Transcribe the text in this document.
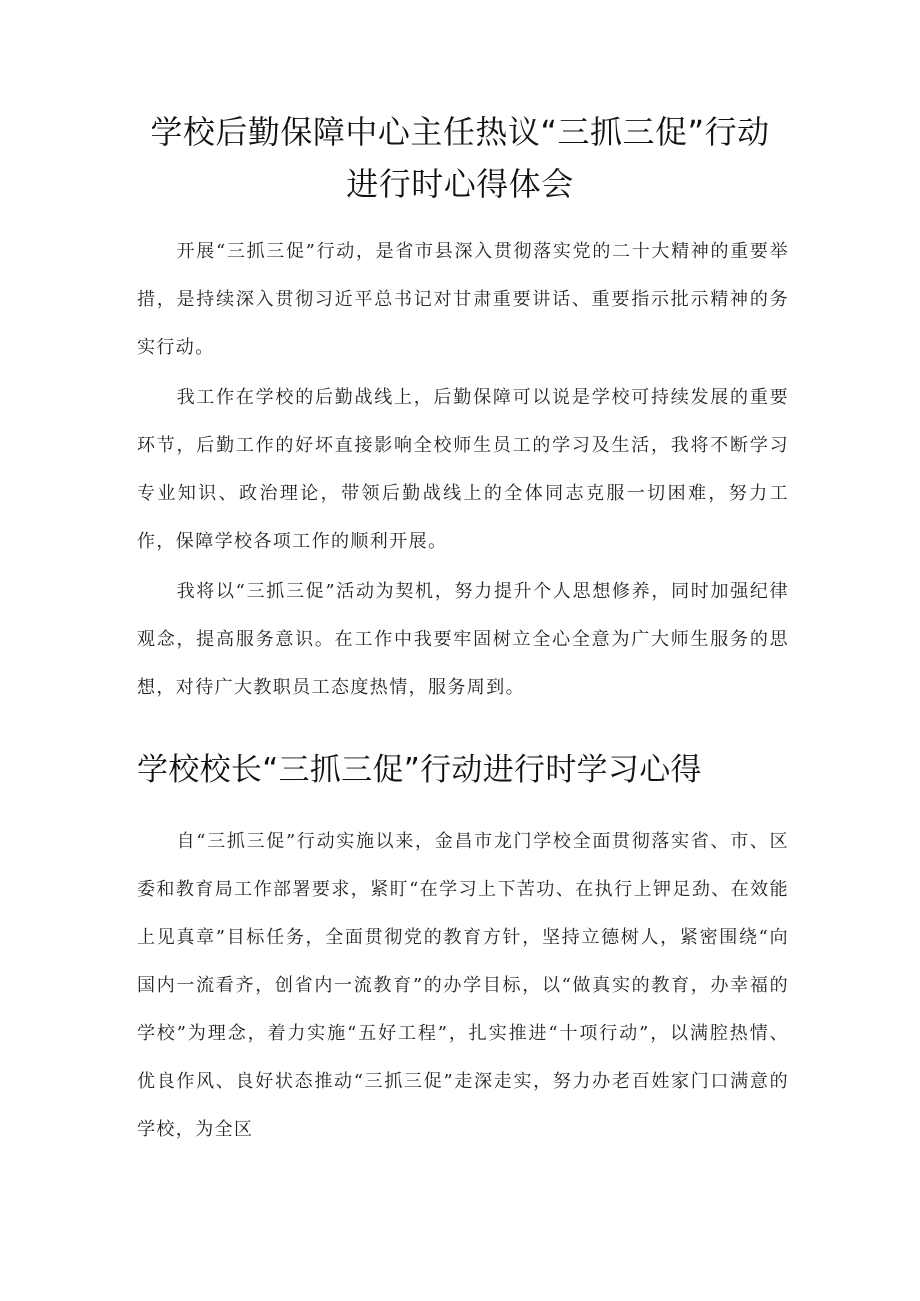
学校后勤保障中心主任热议“三抓三促”行动
进行时心得体会

开展“三抓三促”行动，是省市县深入贯彻落实党的二十大精神的重要举措，是持续深入贯彻习近平总书记对甘肃重要讲话、重要指示批示精神的务实行动。

我工作在学校的后勤战线上，后勤保障可以说是学校可持续发展的重要环节，后勤工作的好坏直接影响全校师生员工的学习及生活，我将不断学习专业知识、政治理论，带领后勤战线上的全体同志克服一切困难，努力工作，保障学校各项工作的顺利开展。

我将以“三抓三促”活动为契机，努力提升个人思想修养，同时加强纪律观念，提高服务意识。在工作中我要牢固树立全心全意为广大师生服务的思想，对待广大教职员工态度热情，服务周到。

学校校长“三抓三促”行动进行时学习心得

自“三抓三促”行动实施以来，金昌市龙门学校全面贯彻落实省、市、区委和教育局工作部署要求，紧盯“在学习上下苦功、在执行上钾足劲、在效能上见真章”目标任务，全面贯彻党的教育方针，坚持立德树人，紧密围绕“向国内一流看齐，创省内一流教育”的办学目标，以“做真实的教育，办幸福的学校”为理念，着力实施“五好工程”，扎实推进“十项行动”，以满腔热情、优良作风、良好状态推动“三抓三促”走深走实，努力办老百姓家门口满意的学校，为全区
